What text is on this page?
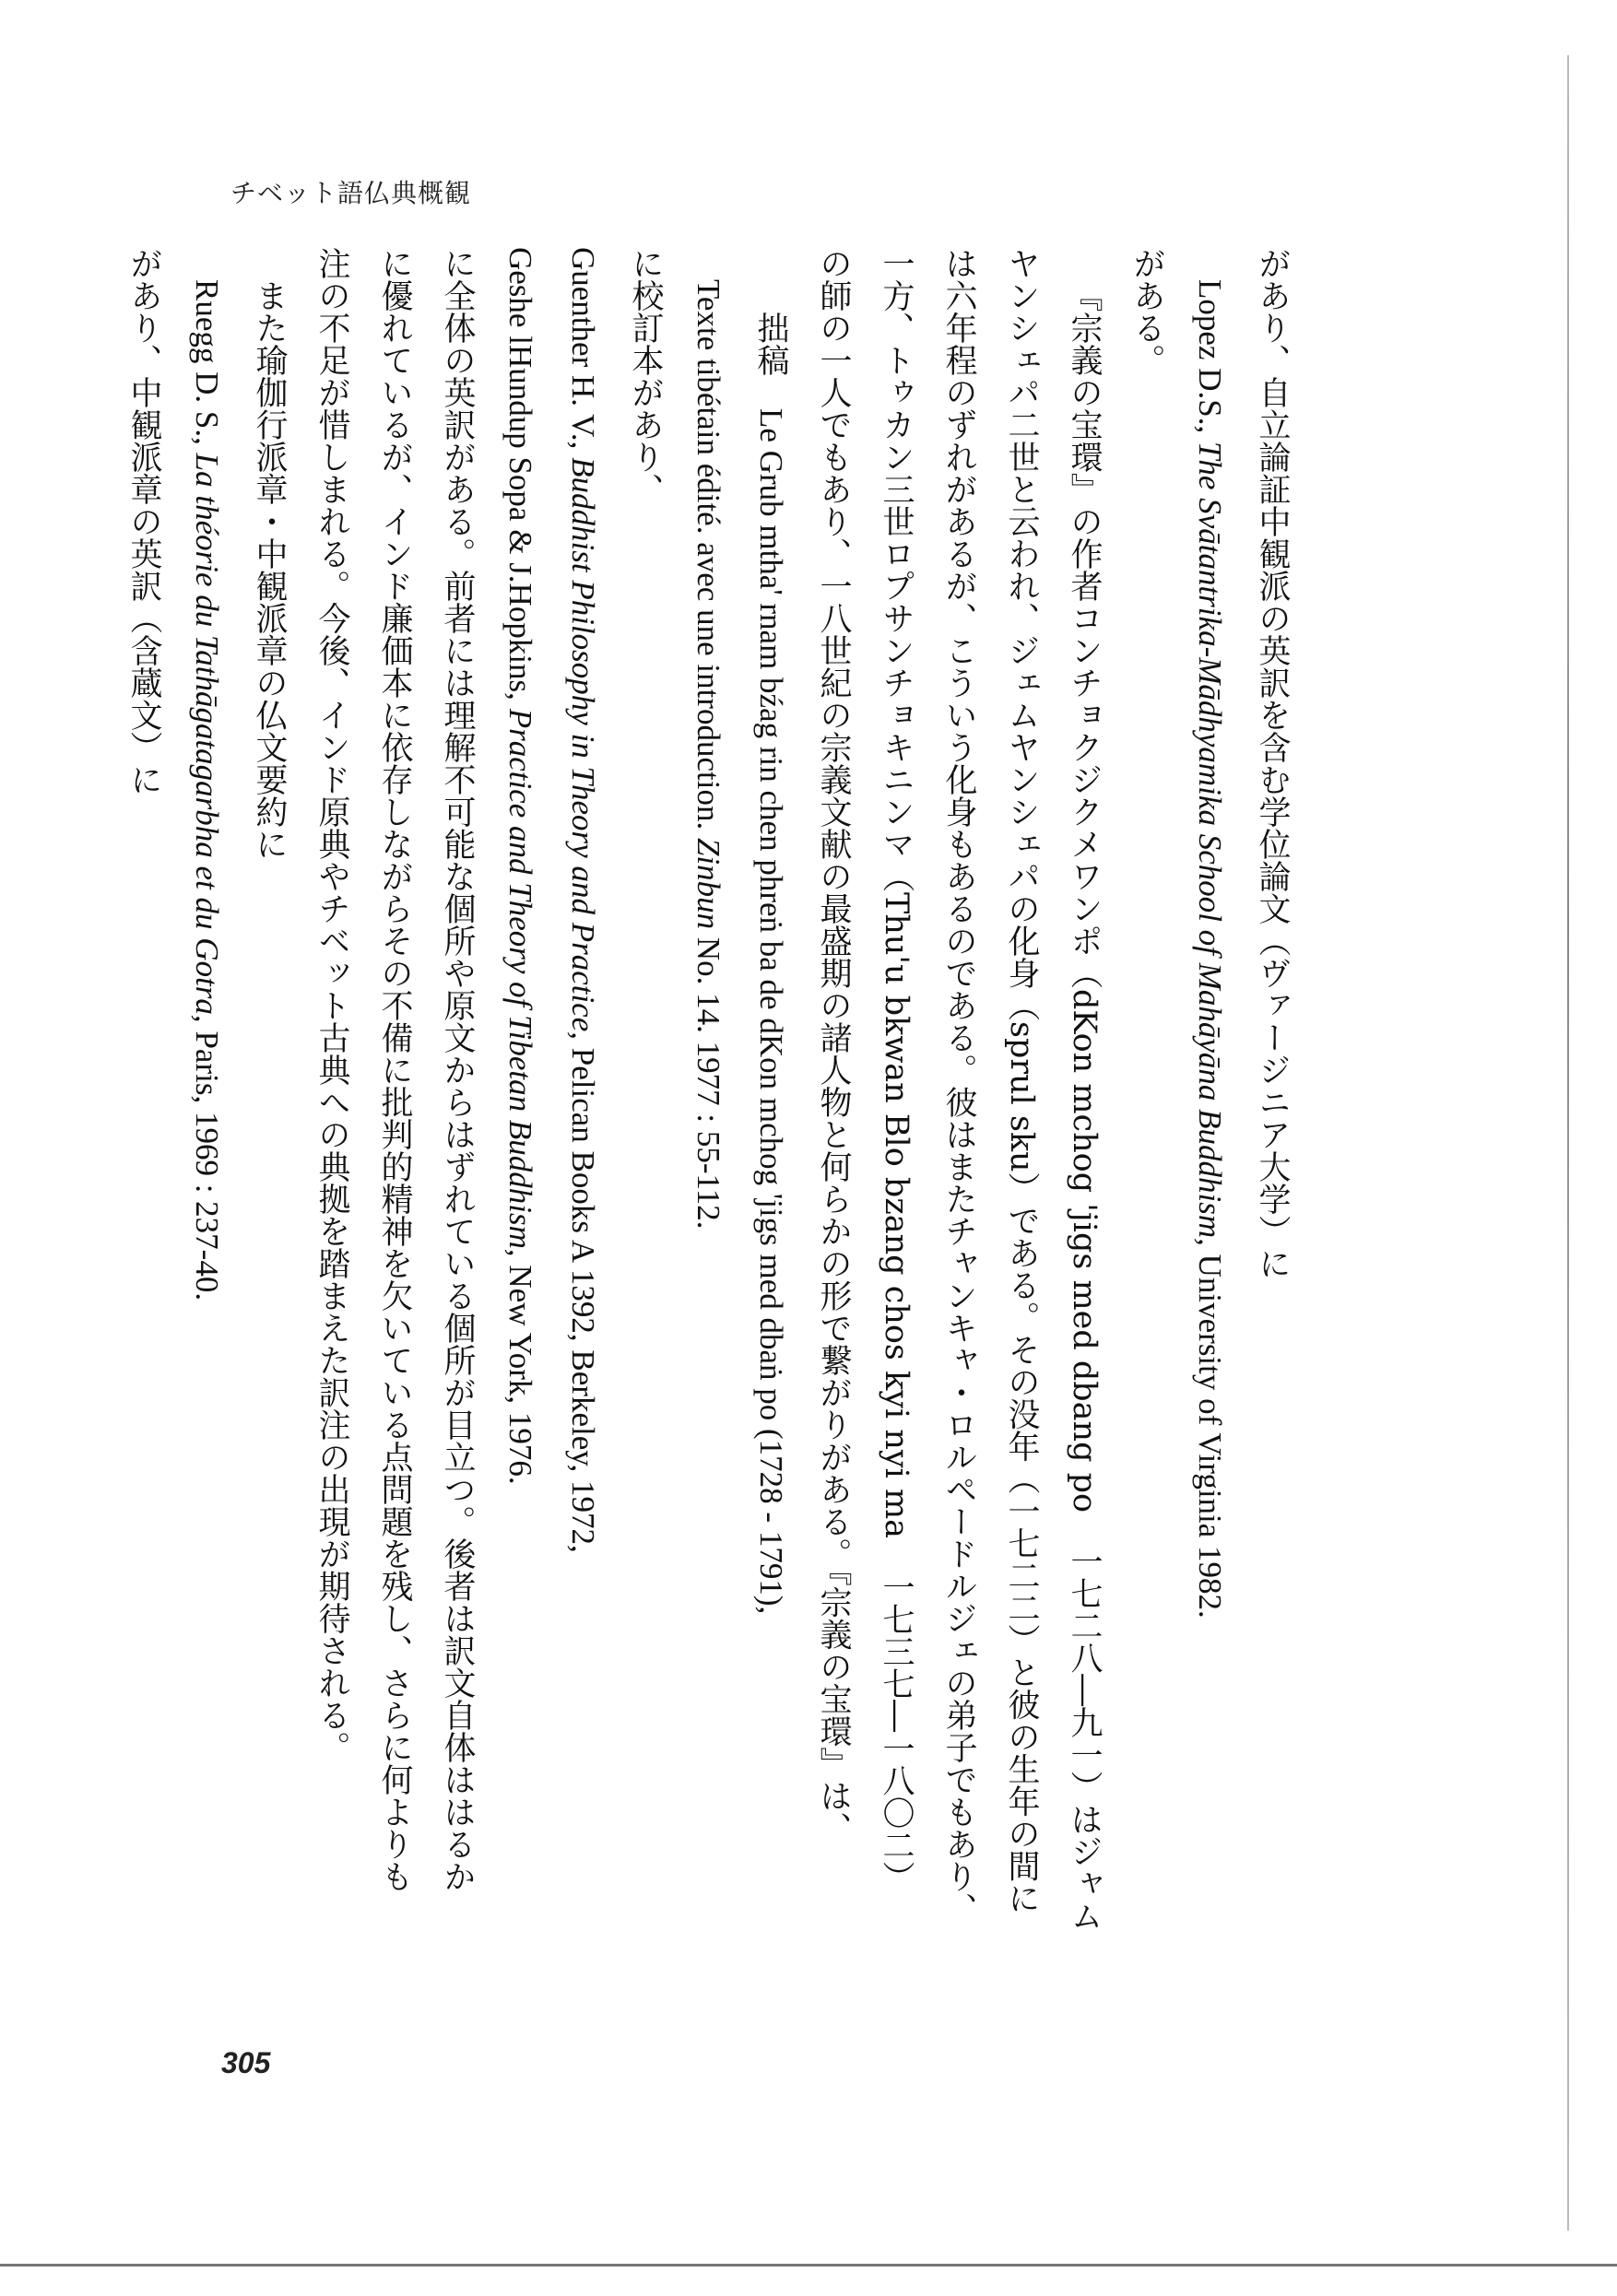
チベット語仏典概観

があり、自立論証中観派の英訳を含む学位論文（ヴァージニア大学）に

Lopez D.S., The Svātantrika-Mādhyamika School of Mahāyāna Buddhism, University of Virginia 1982.

がある。

『宗義の宝環』の作者コンチョクジクメワンポ（dKon mchog 'jigs med dbang po　一七二八―九一）はジャム

ヤンシェパ二世と云われ、ジェムヤンシェパの化身（sprul sku）である。その没年（一七二二）と彼の生年の間に

は六年程のずれがあるが、こういう化身もあるのである。彼はまたチャンキャ・ロルペードルジェの弟子でもあり、

一方、トゥカン三世ロプサンチョキニンマ（Thu'u bkwan Blo bzang chos kyi nyi ma　一七三七―一八〇二）

の師の一人でもあり、一八世紀の宗義文献の最盛期の諸人物と何らかの形で繋がりがある。『宗義の宝環』は、

拙稿　Le Grub mtha' rnam bźag rin chen phreṅ ba de dKon mchog 'jigs med dbaṅ po (1728 - 1791),

Texte tibétain édité. avec une introduction. Zinbun No. 14. 1977 : 55-112.

に校訂本があり、

Guenther H. V., Buddhist Philosophy in Theory and Practice, Pelican Books A 1392, Berkeley, 1972,

Geshe lHundup Sopa & J.Hopkins, Practice and Theory of Tibetan Buddhism, New York, 1976.

に全体の英訳がある。前者には理解不可能な個所や原文からはずれている個所が目立つ。後者は訳文自体ははるか

に優れているが、インド廉価本に依存しながらその不備に批判的精神を欠いている点問題を残し、さらに何よりも

注の不足が惜しまれる。今後、インド原典やチベット古典への典拠を踏まえた訳注の出現が期待される。

また瑜伽行派章・中観派章の仏文要約に

Ruegg D. S., La théorie du Tathāgatagarbha et du Gotra, Paris, 1969 : 237-40.

があり、中観派章の英訳（含蔵文）に

305
